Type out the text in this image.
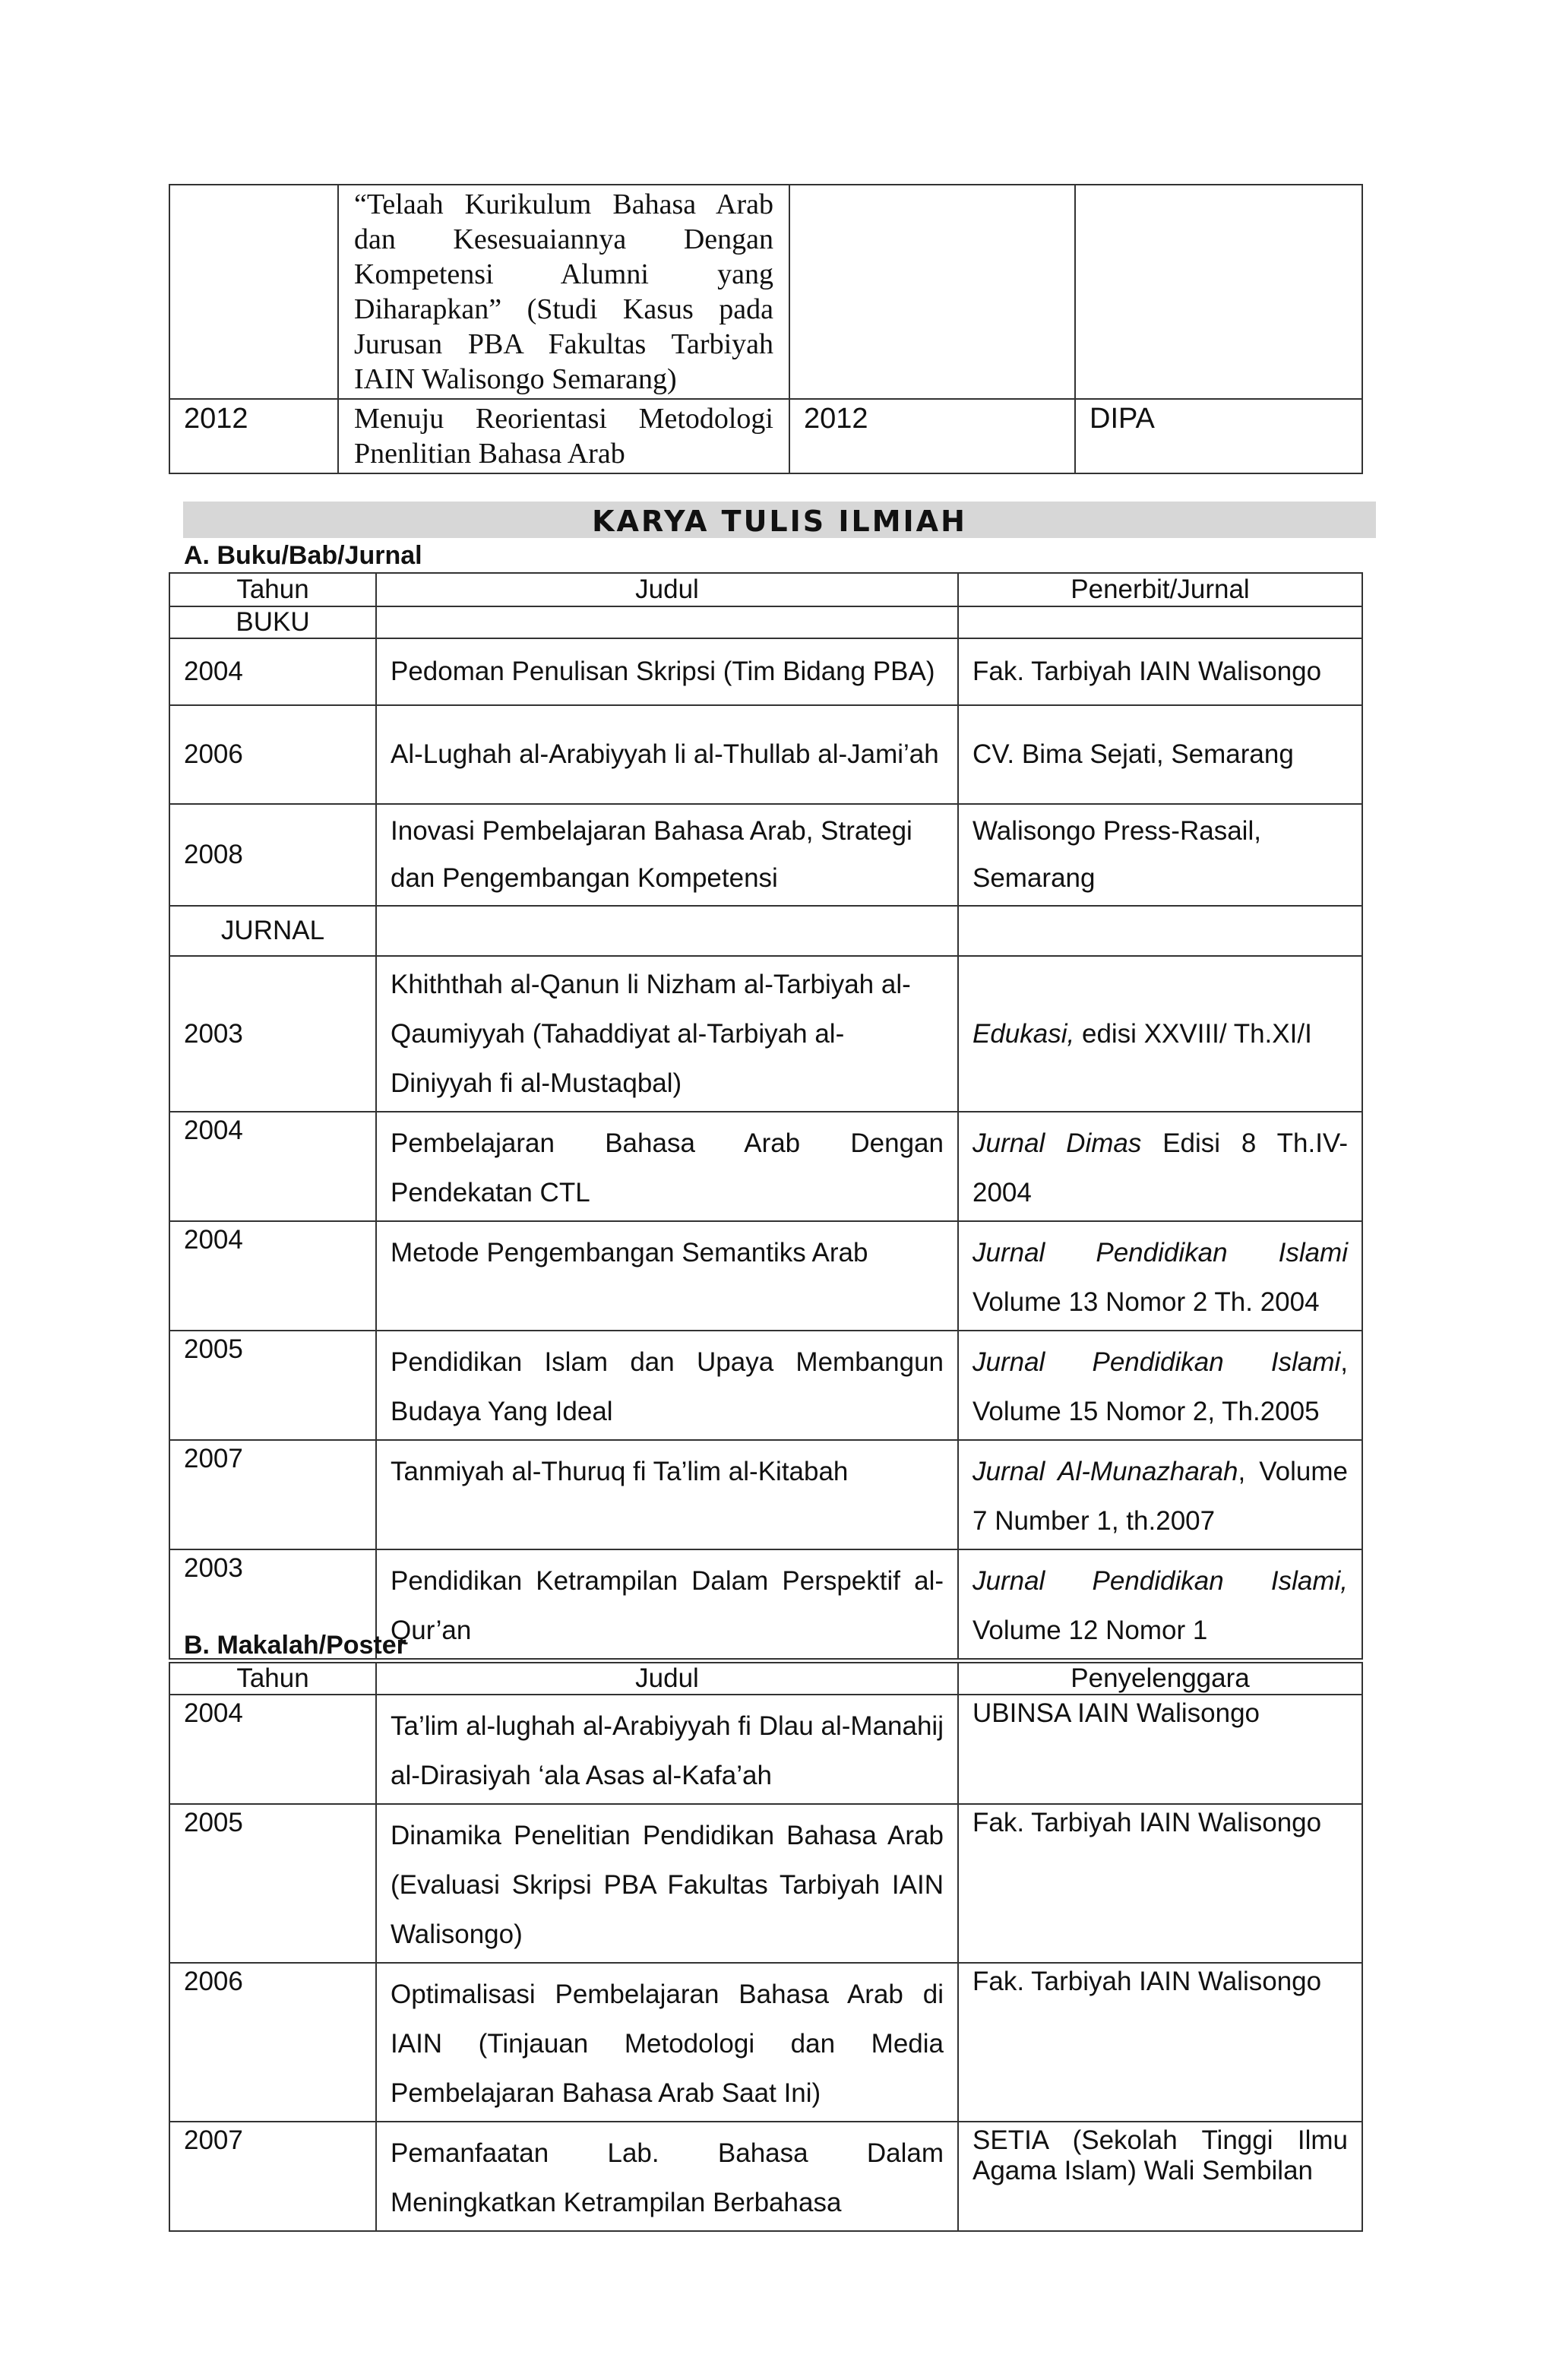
	“Telaah Kurikulum Bahasa Arab dan Kesesuaiannya Dengan Kompetensi Alumni yang Diharapkan” (Studi Kasus pada Jurusan PBA Fakultas Tarbiyah IAIN Walisongo Semarang)		
2012	Menuju Reorientasi Metodologi Pnenlitian Bahasa Arab	2012	DIPA
KARYA TULIS ILMIAH
A. Buku/Bab/Jurnal
Tahun	Judul	Penerbit/Jurnal
BUKU		
2004	Pedoman Penulisan Skripsi (Tim Bidang PBA)	Fak. Tarbiyah IAIN Walisongo
2006	Al-Lughah al-Arabiyyah li al-Thullab al-Jami’ah	CV. Bima Sejati, Semarang
2008	Inovasi Pembelajaran Bahasa Arab, Strategi dan Pengembangan Kompetensi	Walisongo Press-Rasail, Semarang
JURNAL		
2003	Khiththah al-Qanun li Nizham al-Tarbiyah al-Qaumiyyah (Tahaddiyat al-Tarbiyah al-Diniyyah fi al-Mustaqbal)	Edukasi, edisi XXVIII/ Th.XI/I
2004	Pembelajaran Bahasa Arab Dengan Pendekatan CTL	Jurnal Dimas Edisi 8 Th.IV-2004
2004	Metode Pengembangan Semantiks Arab	Jurnal Pendidikan Islami Volume 13 Nomor 2 Th. 2004
2005	Pendidikan Islam dan Upaya Membangun Budaya Yang Ideal	Jurnal Pendidikan Islami, Volume 15 Nomor 2, Th.2005
2007	Tanmiyah al-Thuruq fi Ta’lim al-Kitabah	Jurnal Al-Munazharah, Volume 7 Number 1, th.2007
2003	Pendidikan Ketrampilan Dalam Perspektif al-Qur’an	Jurnal Pendidikan Islami, Volume 12 Nomor 1
B. Makalah/Poster
Tahun	Judul	Penyelenggara
2004	Ta’lim al-lughah al-Arabiyyah fi Dlau al-Manahij al-Dirasiyah ‘ala Asas al-Kafa’ah	UBINSA IAIN Walisongo
2005	Dinamika Penelitian Pendidikan Bahasa Arab (Evaluasi Skripsi PBA Fakultas Tarbiyah IAIN Walisongo)	Fak. Tarbiyah IAIN Walisongo
2006	Optimalisasi Pembelajaran Bahasa Arab di IAIN (Tinjauan Metodologi dan Media Pembelajaran Bahasa Arab Saat Ini)	Fak. Tarbiyah IAIN Walisongo
2007	Pemanfaatan Lab. Bahasa Dalam Meningkatkan Ketrampilan Berbahasa	SETIA (Sekolah Tinggi Ilmu Agama Islam) Wali Sembilan
